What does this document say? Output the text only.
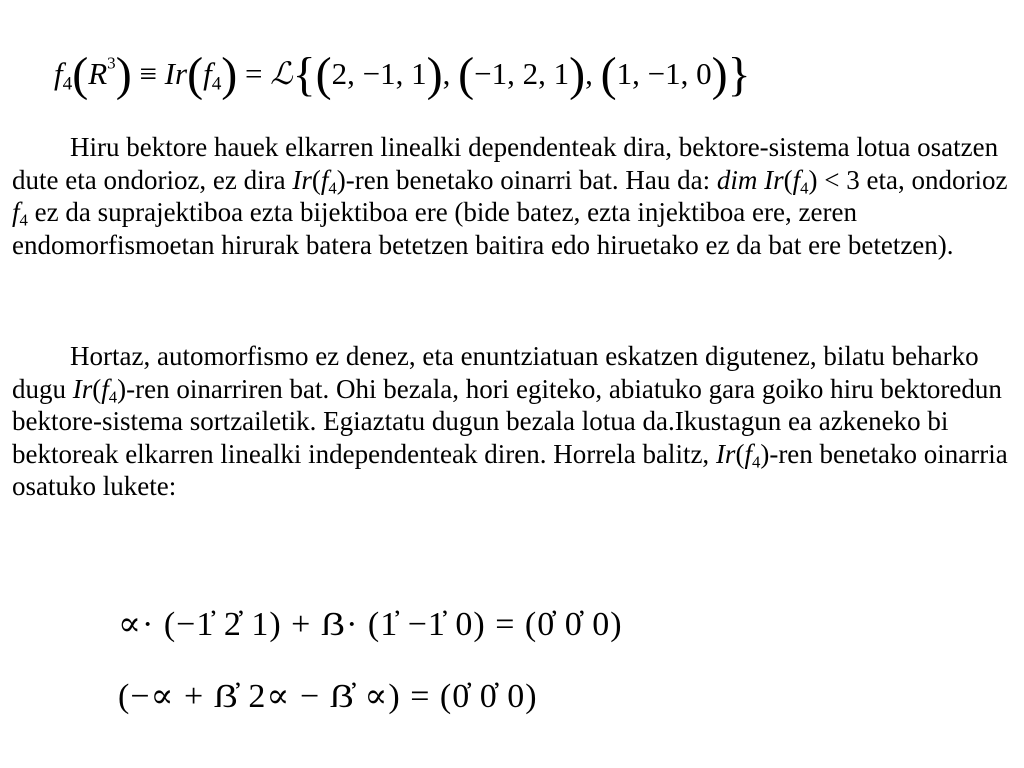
$f_4(R^3) \equiv Ir(f_4)$ = ℒ{(2, −1, 1), (−1, 2, 1), (1, −1, 0)}

Hiru bektore hauek elkarren linealki dependenteak dira, bektore-sistema lotua osatzen dute eta ondorioz, ez dira $Ir(f_4)$-ren benetako oinarri bat. Hau da: dim $Ir(f_4) < 3$ eta, ondorioz $f_4$ ez da suprajektiboa ezta bijektiboa ere (bide batez, ezta injektiboa ere, zeren endomorfismoetan hirurak batera betetzen baitira edo hiruetako ez da bat ere betetzen).

Hortaz, automorfismo ez denez, eta enuntziatuan eskatzen digutenez, bilatu beharko dugu $Ir(f_4)$-ren oinarriren bat. Ohi bezala, hori egiteko, abiatuko gara goiko hiru bektoredun bektore-sistema sortzailetik. Egiaztatu dugun bezala lotua da.Ikustagun ea azkeneko bi bektoreak elkarren linealki independenteak diren. Horrela balitz, $Ir(f_4)$-ren benetako oinarria osatuko lukete:

∝· (−1̓ 2̓ 1) + ẞ· (1̓ −1̓ 0) = (0̓ 0̓ 0)
(−∝ + ẞ̓ 2∝ − ẞ̓ ∝) = (0̓ 0̓ 0)
